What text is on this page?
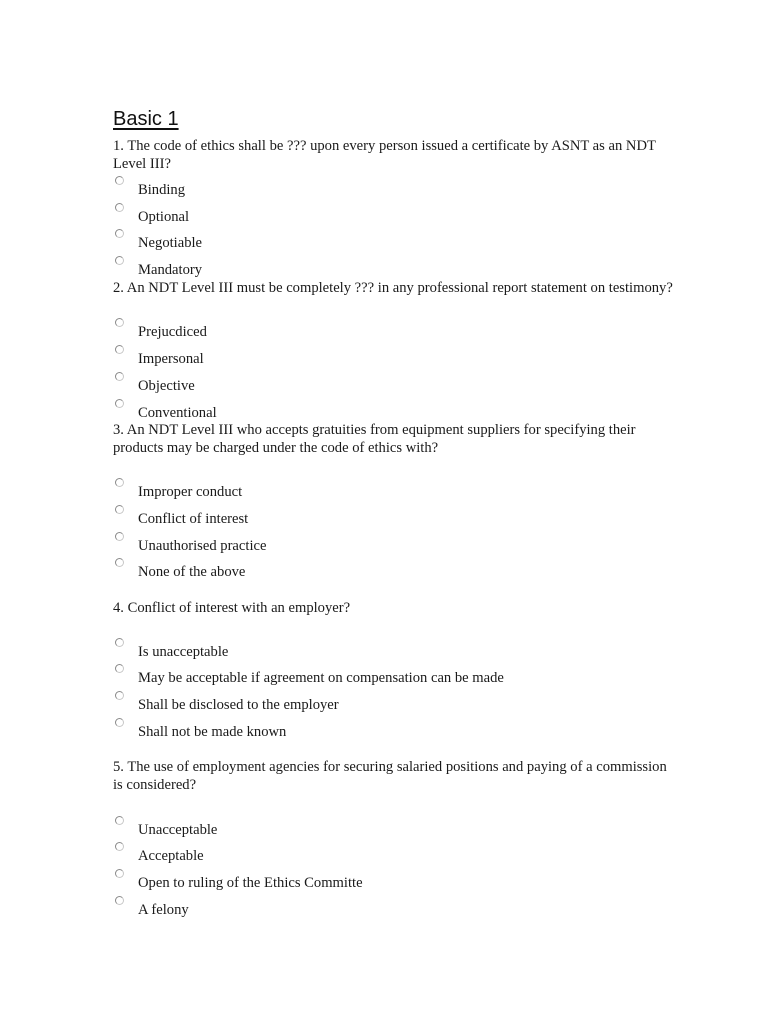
Basic 1

1. The code of ethics shall be ??? upon every person issued a certificate by ASNT as an NDT Level III?

Binding
Optional
Negotiable
Mandatory

2. An NDT Level III must be completely ??? in any professional report statement on testimony?

Prejucdiced
Impersonal
Objective
Conventional

3. An NDT Level III who accepts gratuities from equipment suppliers for specifying their products may be charged under the code of ethics with?

Improper conduct
Conflict of interest
Unauthorised practice
None of the above

4. Conflict of interest with an employer?

Is unacceptable
May be acceptable if agreement on compensation can be made
Shall be disclosed to the employer
Shall not be made known

5. The use of employment agencies for securing salaried positions and paying of a commission is considered?

Unacceptable
Acceptable
Open to ruling of the Ethics Committe
A felony
